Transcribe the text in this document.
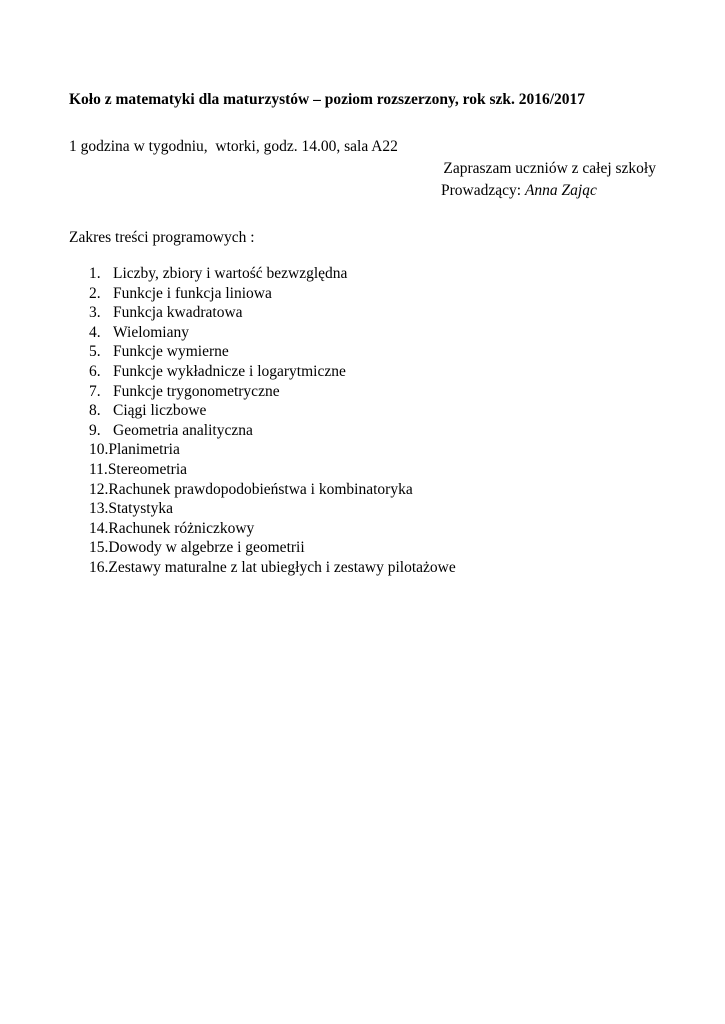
Koło z matematyki dla maturzystów – poziom rozszerzony, rok szk. 2016/2017
1 godzina w tygodniu,  wtorki, godz. 14.00, sala A22
Zapraszam uczniów z całej szkoły
Prowadzący: Anna Zając
Zakres treści programowych :
1. Liczby, zbiory i wartość bezwzględna
2. Funkcje i funkcja liniowa
3. Funkcja kwadratowa
4. Wielomiany
5. Funkcje wymierne
6. Funkcje wykładnicze i logarytmiczne
7. Funkcje trygonometryczne
8. Ciągi liczbowe
9. Geometria analityczna
10. Planimetria
11. Stereometria
12. Rachunek prawdopodobieństwa i kombinatoryka
13. Statystyka
14. Rachunek różniczkowy
15. Dowody w algebrze i geometrii
16. Zestawy maturalne z lat ubiegłych i zestawy pilotażowe
